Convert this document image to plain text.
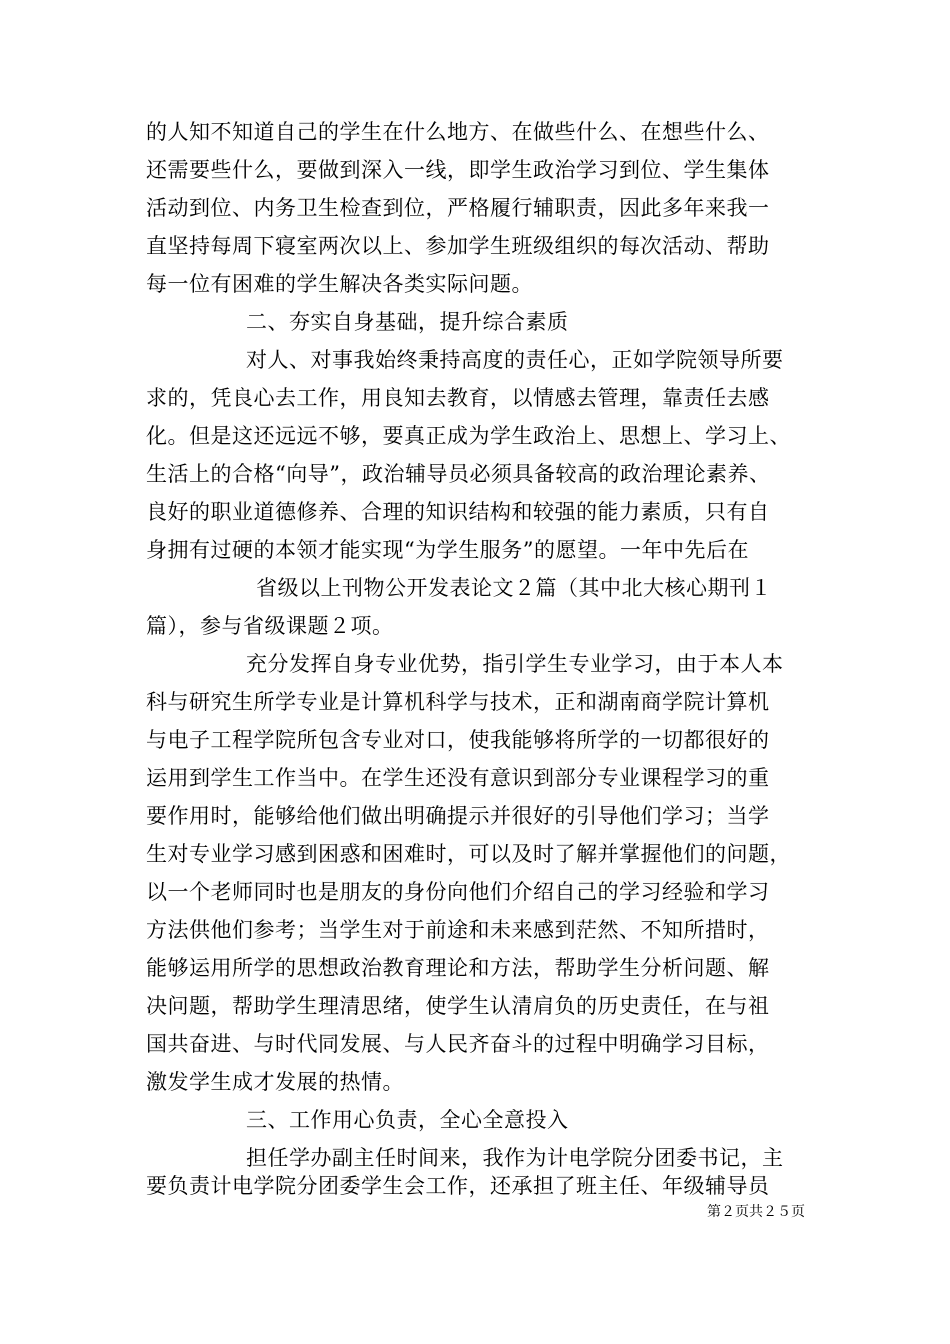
的人知不知道自己的学生在什么地方、在做些什么、在想些什么、
还需要些什么，要做到深入一线，即学生政治学习到位、学生集体
活动到位、内务卫生检查到位，严格履行辅职责，因此多年来我一
直坚持每周下寝室两次以上、参加学生班级组织的每次活动、帮助
每一位有困难的学生解决各类实际问题。
二、夯实自身基础，提升综合素质
对人、对事我始终秉持高度的责任心，正如学院领导所要
求的，凭良心去工作，用良知去教育，以情感去管理，靠责任去感
化。但是这还远远不够，要真正成为学生政治上、思想上、学习上、
生活上的合格“向导”，政治辅导员必须具备较高的政治理论素养、
良好的职业道德修养、合理的知识结构和较强的能力素质，只有自
身拥有过硬的本领才能实现“为学生服务”的愿望。一年中先后在
省级以上刊物公开发表论文２篇（其中北大核心期刊１
篇），参与省级课题２项。
充分发挥自身专业优势，指引学生专业学习，由于本人本
科与研究生所学专业是计算机科学与技术，正和湖南商学院计算机
与电子工程学院所包含专业对口，使我能够将所学的一切都很好的
运用到学生工作当中。在学生还没有意识到部分专业课程学习的重
要作用时，能够给他们做出明确提示并很好的引导他们学习；当学
生对专业学习感到困惑和困难时，可以及时了解并掌握他们的问题，
以一个老师同时也是朋友的身份向他们介绍自己的学习经验和学习
方法供他们参考；当学生对于前途和未来感到茫然、不知所措时，
能够运用所学的思想政治教育理论和方法，帮助学生分析问题、解
决问题，帮助学生理清思绪，使学生认清肩负的历史责任，在与祖
国共奋进、与时代同发展、与人民齐奋斗的过程中明确学习目标，
激发学生成才发展的热情。
三、工作用心负责，全心全意投入
担任学办副主任时间来，我作为计电学院分团委书记，主
要负责计电学院分团委学生会工作，还承担了班主任、年级辅导员
第２页共２５页
